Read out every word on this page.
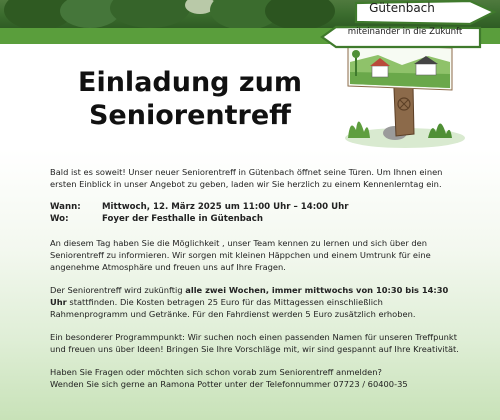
Gütenbach
miteinander in die Zukunft
Einladung zum
Seniorentreff

Bald ist es soweit! Unser neuer Seniorentreff in Gütenbach öffnet seine Türen. Um Ihnen einen ersten Einblick in unser Angebot zu geben, laden wir Sie herzlich zu einem Kennenlerntag ein.

Wann:	Mittwoch, 12. März 2025 um 11:00 Uhr – 14:00 Uhr
Wo:	Foyer der Festhalle in Gütenbach

An diesem Tag haben Sie die Möglichkeit , unser Team kennen zu lernen und sich über den Seniorentreff zu informieren. Wir sorgen mit kleinen Häppchen und einem Umtrunk für eine angenehme Atmosphäre und freuen uns auf Ihre Fragen.

Der Seniorentreff wird zukünftig alle zwei Wochen, immer mittwochs von 10:30 bis 14:30 Uhr stattfinden. Die Kosten betragen 25 Euro für das Mittagessen einschließlich Rahmenprogramm und Getränke. Für den Fahrdienst werden 5 Euro zusätzlich erhoben.

Ein besonderer Programmpunkt: Wir suchen noch einen passenden Namen für unseren Treffpunkt und freuen uns über Ideen! Bringen Sie Ihre Vorschläge mit, wir sind gespannt auf Ihre Kreativität.

Haben Sie Fragen oder möchten sich schon vorab zum Seniorentreff anmelden?
Wenden Sie sich gerne an Ramona Potter unter der Telefonnummer 07723 / 60400-35
